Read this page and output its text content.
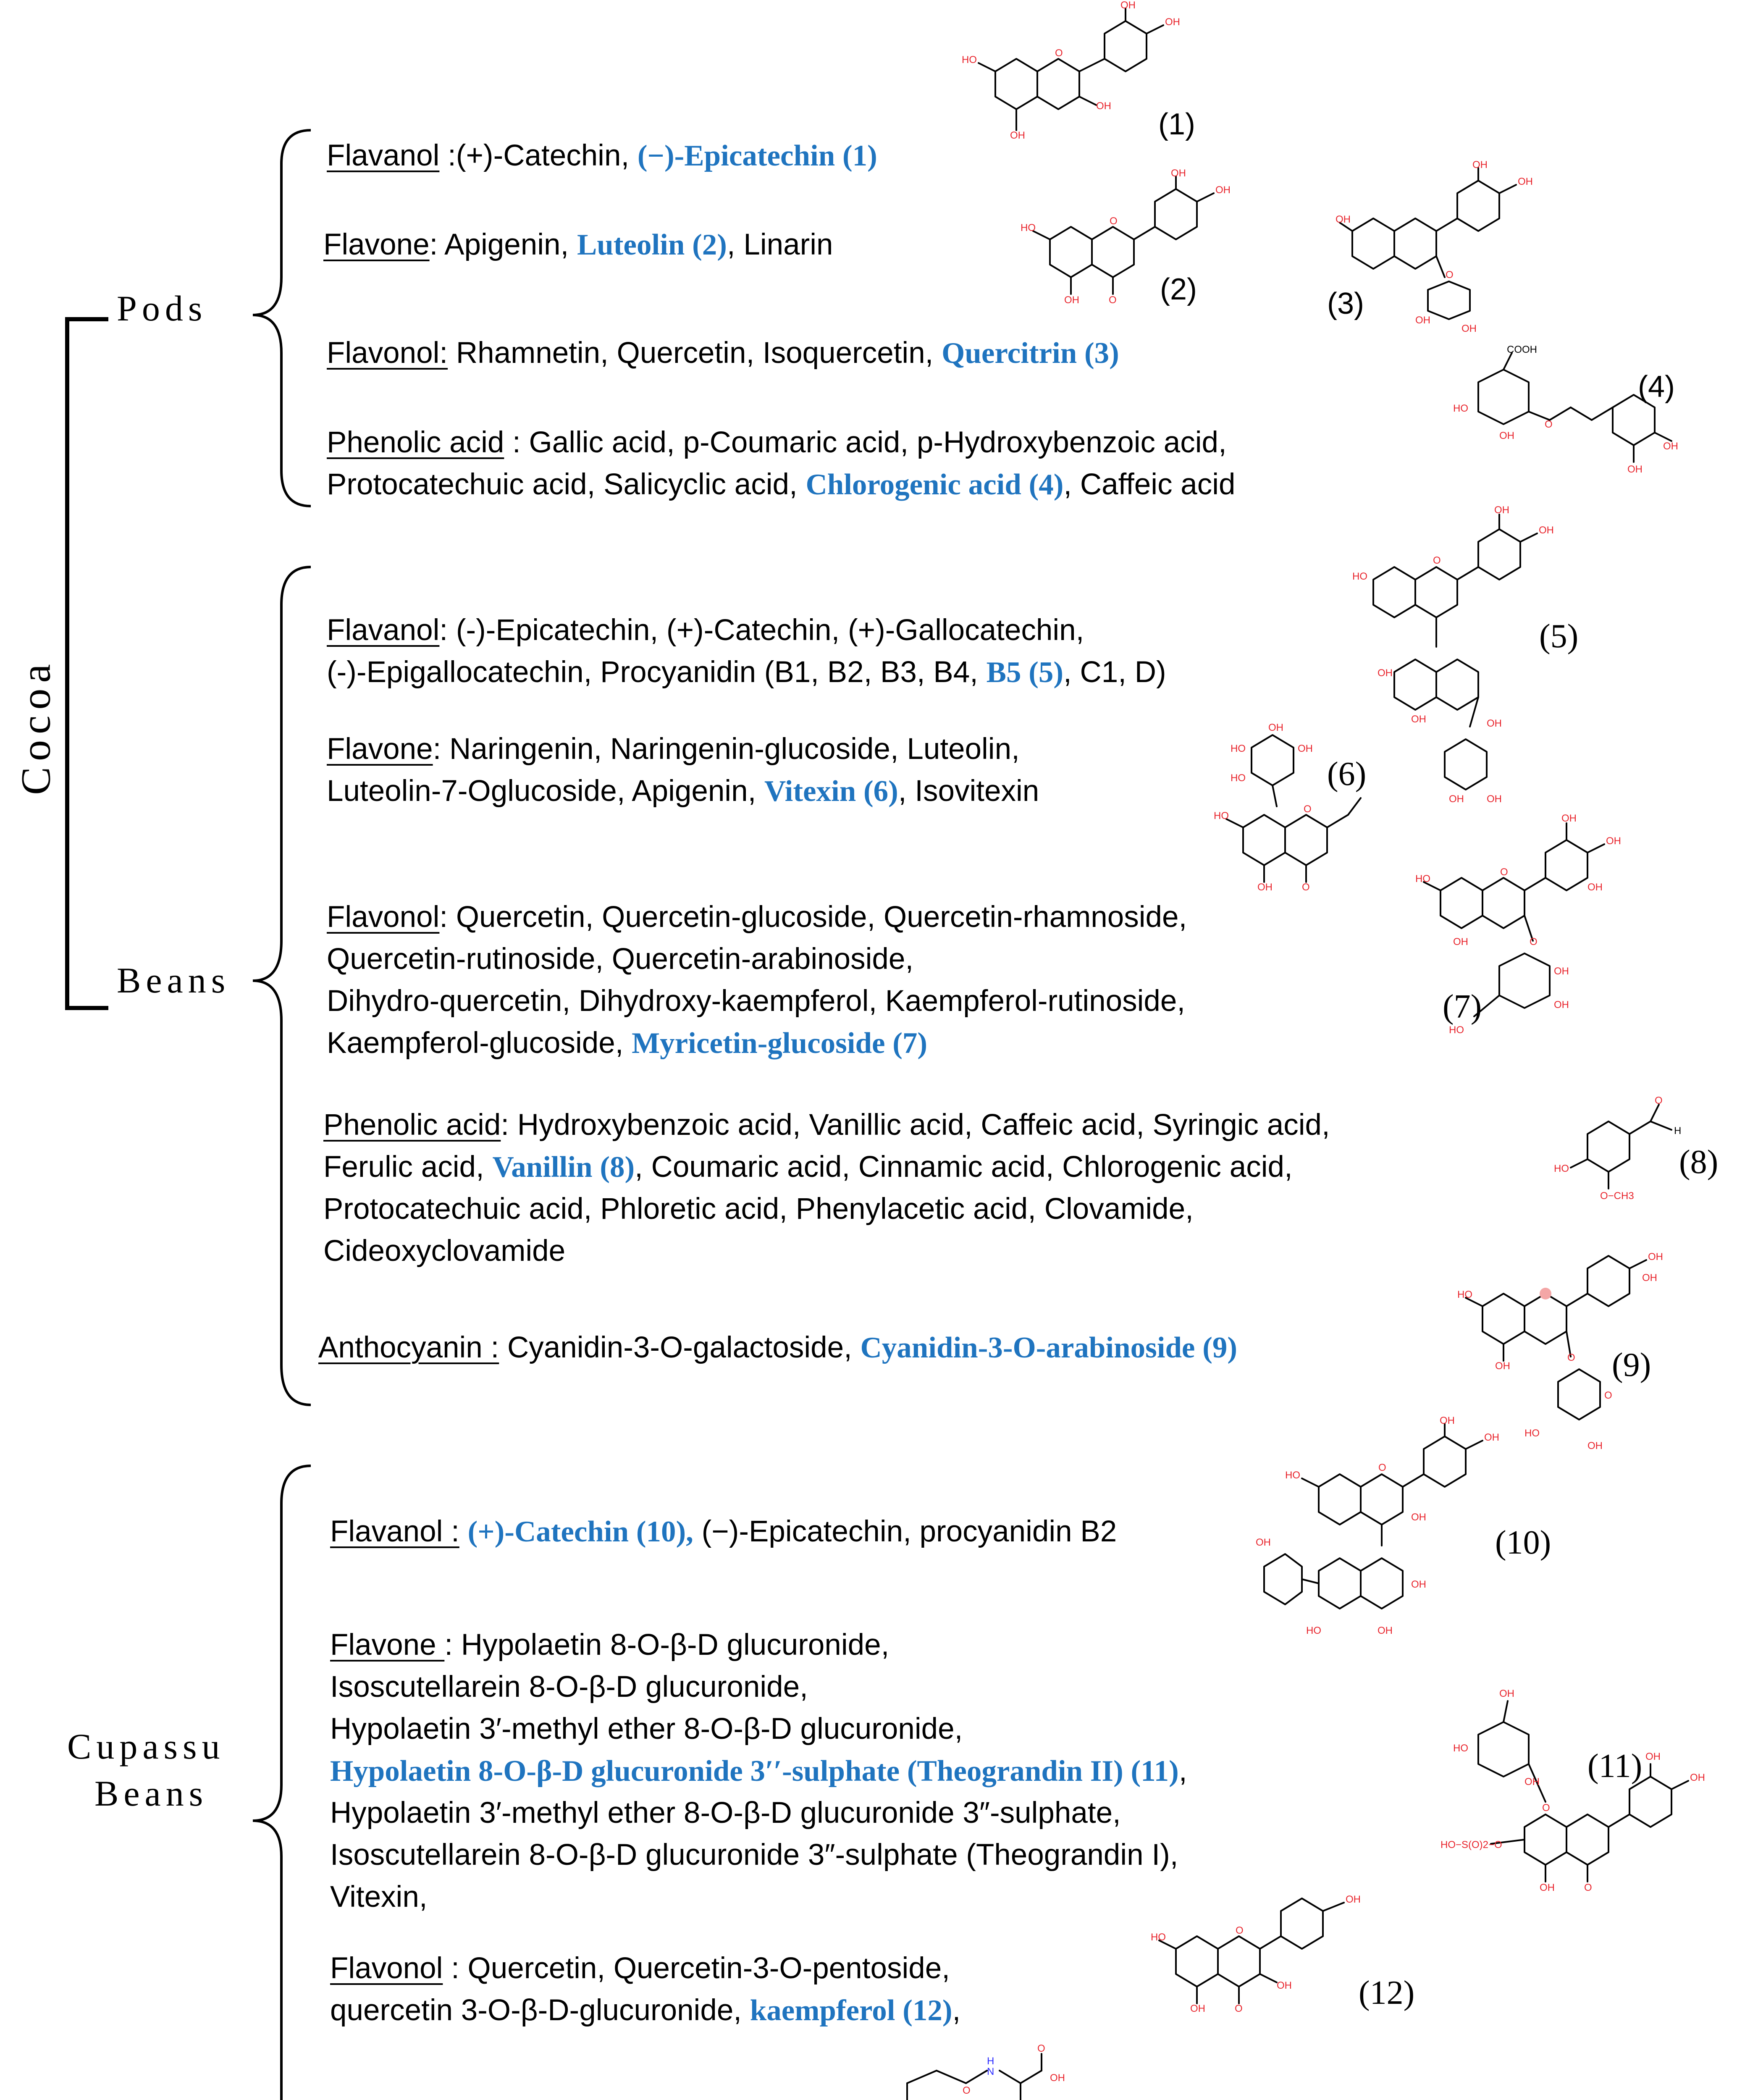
Cocoa
Pods
Beans
Cupassu
Beans
Flavanol :(+)-Catechin, (−)-Epicatechin (1)
Flavone: Apigenin, Luteolin (2), Linarin
Flavonol: Rhamnetin, Quercetin, Isoquercetin, Quercitrin (3)
Phenolic acid : Gallic acid, p-Coumaric acid, p-Hydroxybenzoic acid,
Protocatechuic acid, Salicyclic acid, Chlorogenic acid (4), Caffeic acid
Flavanol: (-)-Epicatechin, (+)-Catechin, (+)-Gallocatechin,
(-)-Epigallocatechin, Procyanidin (B1, B2, B3, B4, B5 (5), C1, D)
Flavone: Naringenin, Naringenin-glucoside, Luteolin,
Luteolin-7-Oglucoside, Apigenin, Vitexin (6), Isovitexin
Flavonol: Quercetin, Quercetin-glucoside, Quercetin-rhamnoside,
Quercetin-rutinoside, Quercetin-arabinoside,
Dihydro-quercetin, Dihydroxy-kaempferol, Kaempferol-rutinoside,
Kaempferol-glucoside, Myricetin-glucoside (7)
Phenolic acid: Hydroxybenzoic acid, Vanillic acid, Caffeic acid, Syringic acid,
Ferulic acid, Vanillin (8), Coumaric acid, Cinnamic acid, Chlorogenic acid,
Protocatechuic acid, Phloretic acid, Phenylacetic acid, Clovamide,
Cideoxyclovamide
Anthocyanin : Cyanidin-3-O-galactoside, Cyanidin-3-O-arabinoside (9)
Flavanol : (+)-Catechin (10), (−)-Epicatechin, procyanidin B2
Flavone : Hypolaetin 8-O-β-D glucuronide,
Isoscutellarein 8-O-β-D glucuronide,
Hypolaetin 3′-methyl ether 8-O-β-D glucuronide,
Hypolaetin 8-O-β-D glucuronide 3′′-sulphate (Theograndin II) (11),
Hypolaetin 3′-methyl ether 8-O-β-D glucuronide 3″-sulphate,
Isoscutellarein 8-O-β-D glucuronide 3″-sulphate (Theograndin I),
Vitexin,
Flavonol : Quercetin, Quercetin-3-O-pentoside,
quercetin 3-O-β-D-glucuronide, kaempferol (12),
(1)
(2)	(3)
(4)
(5)
(6)
(7)
(8)
(9)
(10)
(11)
(12)
HO
O
OH
OH
OH
OH
HO
O
OH	O
OH
OH
OH
O
OH
OH
OH
OH
COOH
HO
O
OH
OH
OH
HO
O
OH
OH
OH
OH	OH
OH OH
OH
HO	OH
HO
HO
O
OH	O
HO
O
OH
OH
OH
OH	O
OH
OH
HO
O
H
HO
O−CH3
HO
OH
OH
OH
O
HO
OH
O
HO
O
OH
OH
OH
OH
HO
OH
OH
OH
HO
OH
O
HO−S(O)2−O
OH	O
OH
OH
HO
O
OH
OH
OH	O
N
H
O
O
OH
